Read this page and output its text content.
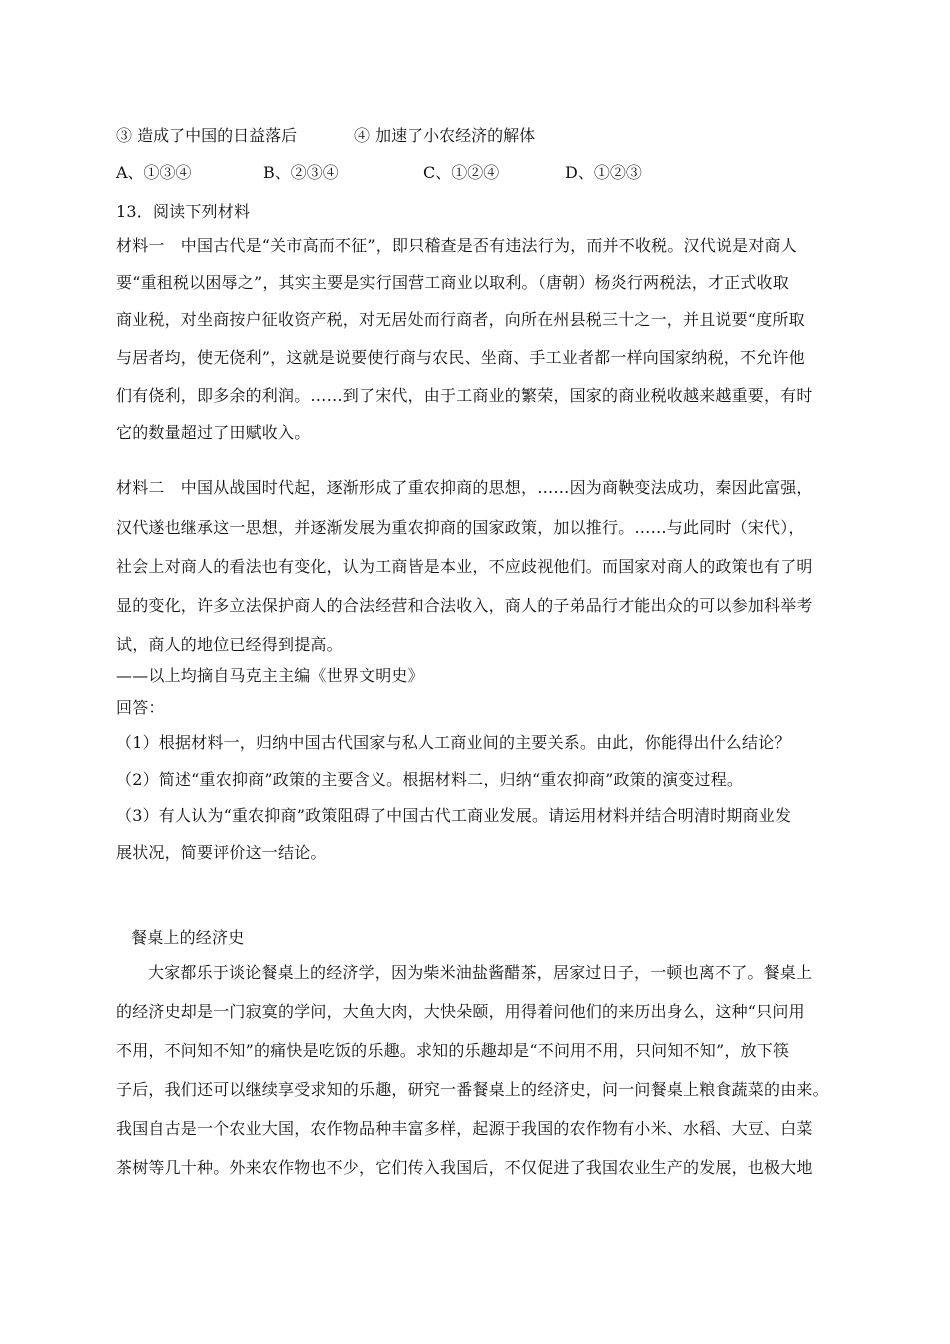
③ 造成了中国的日益落后	④ 加速了小农经济的解体
A、①③④	B、②③④	C、①②④	D、①②③
13．阅读下列材料
材料一　中国古代是“关市高而不征”，即只稽查是否有违法行为，而并不收税。汉代说是对商人
要“重租税以困辱之”，其实主要是实行国营工商业以取利。（唐朝）杨炎行两税法，才正式收取
商业税，对坐商按户征收资产税，对无居处而行商者，向所在州县税三十之一，并且说要“度所取
与居者均，使无侥利”，这就是说要使行商与农民、坐商、手工业者都一样向国家纳税，不允许他
们有侥利，即多余的利润。……到了宋代，由于工商业的繁荣，国家的商业税收越来越重要，有时
它的数量超过了田赋收入。
材料二　中国从战国时代起，逐渐形成了重农抑商的思想，……因为商鞅变法成功，秦因此富强，
汉代遂也继承这一思想，并逐渐发展为重农抑商的国家政策，加以推行。……与此同时（宋代），
社会上对商人的看法也有变化，认为工商皆是本业，不应歧视他们。而国家对商人的政策也有了明
显的变化，许多立法保护商人的合法经营和合法收入，商人的子弟品行才能出众的可以参加科举考
试，商人的地位已经得到提高。
——以上均摘自马克主主编《世界文明史》
回答：
（1）根据材料一，归纳中国古代国家与私人工商业间的主要关系。由此，你能得出什么结论？
（2）简述“重农抑商”政策的主要含义。根据材料二，归纳“重农抑商”政策的演变过程。
（3）有人认为“重农抑商”政策阻碍了中国古代工商业发展。请运用材料并结合明清时期商业发
展状况，简要评价这一结论。
餐桌上的经济史
大家都乐于谈论餐桌上的经济学，因为柴米油盐酱醋茶，居家过日子，一顿也离不了。餐桌上
的经济史却是一门寂寞的学问，大鱼大肉，大快朵颐，用得着问他们的来历出身么，这种“只问用
不用，不问知不知”的痛快是吃饭的乐趣。求知的乐趣却是“不问用不用，只问知不知”，放下筷
子后，我们还可以继续享受求知的乐趣，研究一番餐桌上的经济史，问一问餐桌上粮食蔬菜的由来。
我国自古是一个农业大国，农作物品种丰富多样，起源于我国的农作物有小米、水稻、大豆、白菜
茶树等几十种。外来农作物也不少，它们传入我国后，不仅促进了我国农业生产的发展，也极大地
